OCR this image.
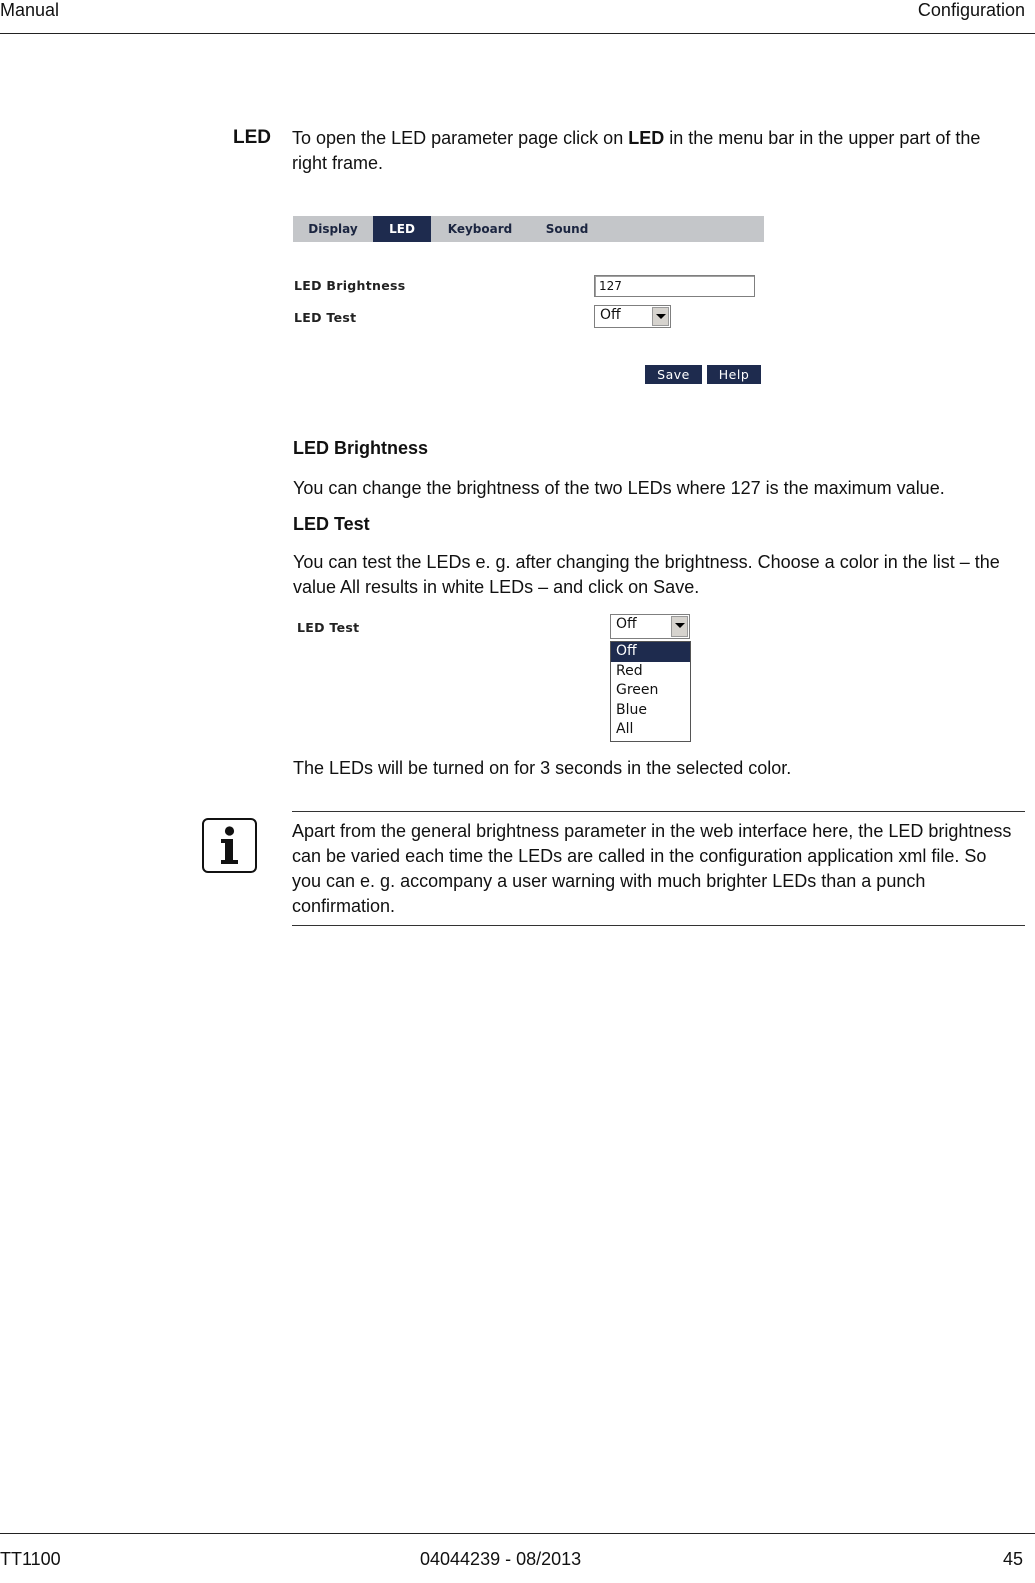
Manual	Configuration
LED To open the LED parameter page click on LED in the menu bar in the upper part of the right frame.
Display	LED	Keyboard	Sound
LED Brightness	127
LED Test	Off
Save	Help
LED Brightness
You can change the brightness of the two LEDs where 127 is the maximum value.
LED Test
You can test the LEDs e. g. after changing the brightness. Choose a color in the list – the value All results in white LEDs – and click on Save.
LED Test	Off
Off
Red
Green
Blue
All
The LEDs will be turned on for 3 seconds in the selected color.
Apart from the general brightness parameter in the web interface here, the LED brightness can be varied each time the LEDs are called in the configuration application xml file. So you can e. g. accompany a user warning with much brighter LEDs than a punch confirmation.
TT1100	04044239 - 08/2013	45
